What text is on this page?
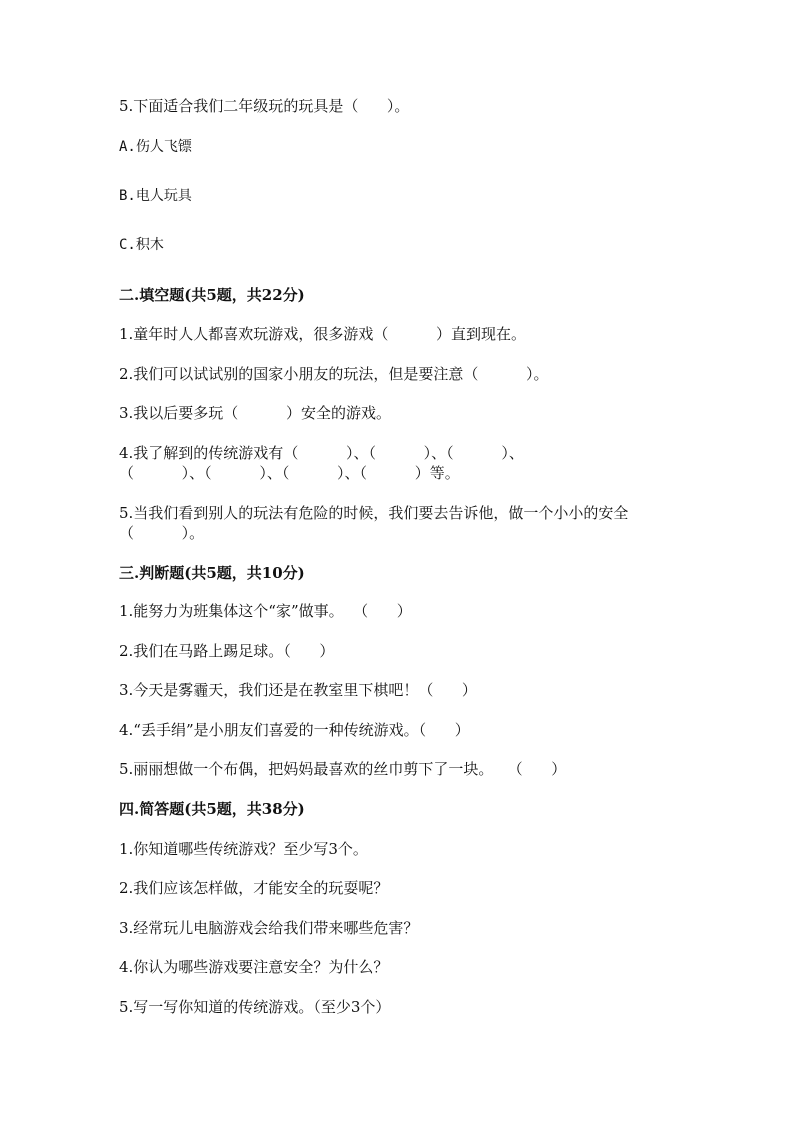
5.下面适合我们二年级玩的玩具是（      ）。
A.伤人飞镖
B.电人玩具
C.积木
二.填空题(共5题，共22分)
1.童年时人人都喜欢玩游戏，很多游戏（          ）直到现在。
2.我们可以试试别的国家小朋友的玩法，但是要注意（          ）。
3.我以后要多玩（          ）安全的游戏。
4.我了解到的传统游戏有（          ）、（          ）、（          ）、
（          ）、（          ）、（          ）、（          ）等。
5.当我们看到别人的玩法有危险的时候，我们要去告诉他，做一个小小的安全
（          ）。
三.判断题(共5题，共10分)
1.能努力为班集体这个“家”做事。  （      ）
2.我们在马路上踢足球。（      ）
3.今天是雾霾天，我们还是在教室里下棋吧！（      ）
4.“丢手绢”是小朋友们喜爱的一种传统游戏。（      ）
5.丽丽想做一个布偶，把妈妈最喜欢的丝巾剪下了一块。   （      ）
四.简答题(共5题，共38分)
1.你知道哪些传统游戏？至少写3个。
2.我们应该怎样做，才能安全的玩耍呢？
3.经常玩儿电脑游戏会给我们带来哪些危害？
4.你认为哪些游戏要注意安全？为什么？
5.写一写你知道的传统游戏。（至少3个）
